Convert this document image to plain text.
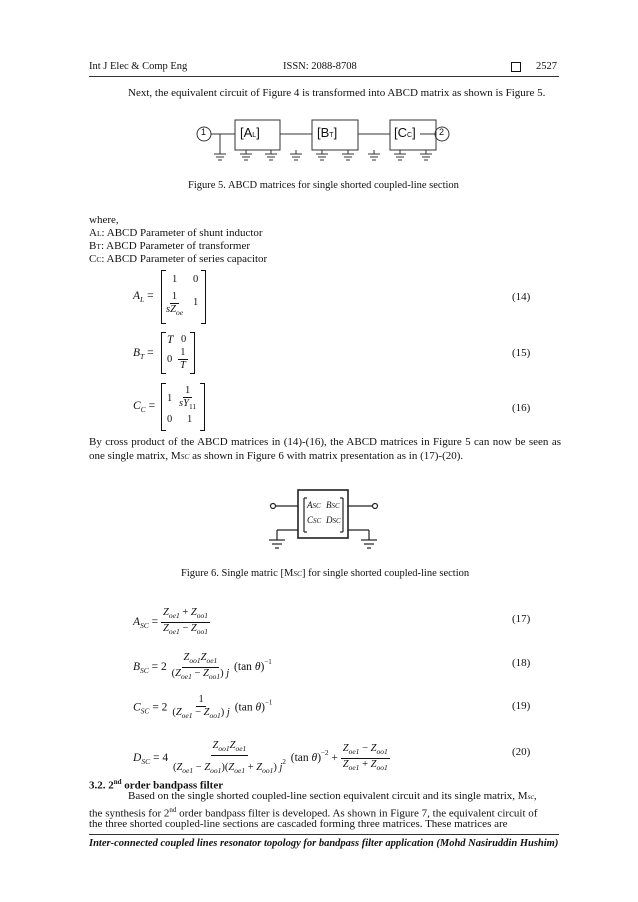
Int J Elec & Comp Eng	ISSN: 2088-8708	2527
Next, the equivalent circuit of Figure 4 is transformed into ABCD matrix as shown is Figure 5.
1	2
[AL]	[BT]	[CC]
Figure 5. ABCD matrices for single shorted coupled-line section
where,
AL: ABCD Parameter of shunt inductor
BT: ABCD Parameter of transformer
CC: ABCD Parameter of series capacitor
$A_L$ =
1 0
$\frac{1}{sZ_{oe}} 1$	(14)
$B_T$ =
T 0
$0 \frac{1}{T}$	(15)
$C_C$ =
$1 \frac{1}{sY_{11}}$
0 1
(16)
By cross product of the ABCD matrices in (14)-(16), the ABCD matrices in Figure 5 can now be seen as one single matrix, MSC as shown in Figure 6 with matrix presentation as in (17)-(20).
ASC BSC
CSC DSC
Figure 6. Single matric [MSC] for single shorted coupled-line section
$A_{SC} = \frac{Z_{oe1} + Z_{oo1}}{Z_{oe1} - Z_{oo1}}$	(17)
$B_{SC} = 2 \frac{Z_{oo1}Z_{oe1}}{(Z_{oe1} - Z_{oo1}) j} (\tan$ θ)$^{-1}$	(18)
$C_{SC} = 2 \frac{1}{(Z_{oe1} - Z_{oo1}) j} (\tan$ θ)$^{-1}$	(19)
$D_{SC} = 4 \frac{Z_{oo1}Z_{oe1}}{(Z_{oe1} - Z_{oo1})(Z_{oe1} + Z_{oo1}) j^2} (\tan$ $\theta)^{-2} + \frac{Z_{oe1} - Z_{oo1}}{Z_{oe1} + Z_{oo1}}$	(20)
3.2. 2nd order bandpass filter
Based on the single shorted coupled-line section equivalent circuit and its single matrix, Msc,
the synthesis for 2nd order bandpass filter is developed. As shown in Figure 7, the equivalent circuit of
the three shorted coupled-line sections are cascaded forming three matrices. These matrices are
Inter-connected coupled lines resonator topology for bandpass filter application (Mohd Nasiruddin Hushim)
